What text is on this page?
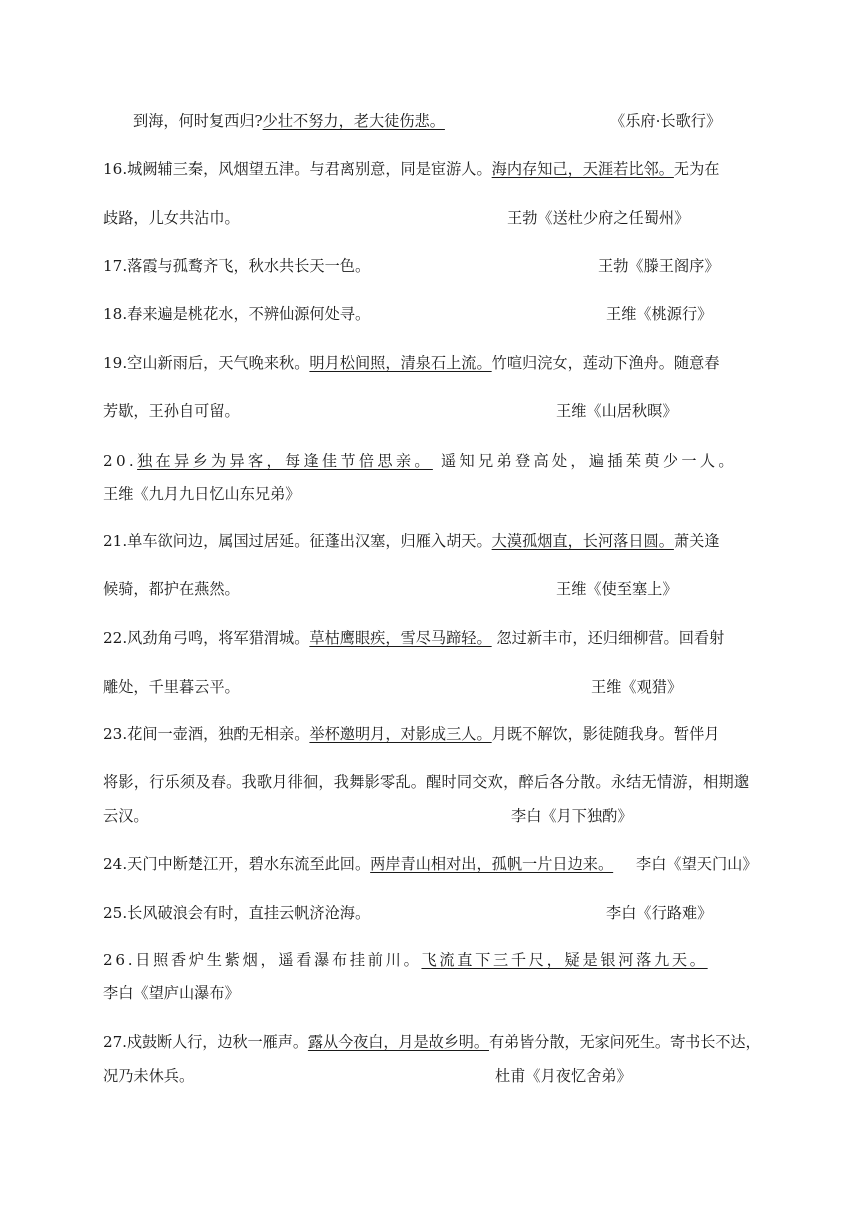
到海，何时复西归?少壮不努力，老大徒伤悲。	《乐府·长歌行》
16.城阙辅三秦，风烟望五津。与君离别意，同是宦游人。海内存知己，天涯若比邻。无为在
歧路，儿女共沾巾。	王勃《送杜少府之任蜀州》
17.落霞与孤鹜齐飞，秋水共长天一色。	王勃《滕王阁序》
18.春来遍是桃花水，不辨仙源何处寻。	王维《桃源行》
19.空山新雨后，天气晚来秋。明月松间照，清泉石上流。竹喧归浣女，莲动下渔舟。随意春
芳歇，王孙自可留。	王维《山居秋暝》
20.独在异乡为异客，每逢佳节倍思亲。 遥知兄弟登高处，遍插茱萸少一人。
王维《九月九日忆山东兄弟》
21.单车欲问边，属国过居延。征蓬出汉塞，归雁入胡天。大漠孤烟直，长河落日圆。萧关逢
候骑，都护在燕然。	王维《使至塞上》
22.风劲角弓鸣，将军猎渭城。草枯鹰眼疾，雪尽马蹄轻。 忽过新丰市，还归细柳营。回看射
雕处，千里暮云平。	王维《观猎》
23.花间一壶酒，独酌无相亲。举杯邀明月，对影成三人。月既不解饮，影徒随我身。暂伴月
将影，行乐须及春。我歌月徘徊，我舞影零乱。醒时同交欢，醉后各分散。永结无情游，相期邈
云汉。	李白《月下独酌》
24.天门中断楚江开，碧水东流至此回。两岸青山相对出，孤帆一片日边来。 李白《望天门山》
25.长风破浪会有时，直挂云帆济沧海。	李白《行路难》
26.日照香炉生紫烟，遥看瀑布挂前川。飞流直下三千尺，疑是银河落九天。
李白《望庐山瀑布》
27.戍鼓断人行，边秋一雁声。露从今夜白，月是故乡明。有弟皆分散，无家问死生。寄书长不达，
况乃未休兵。	杜甫《月夜忆舍弟》
